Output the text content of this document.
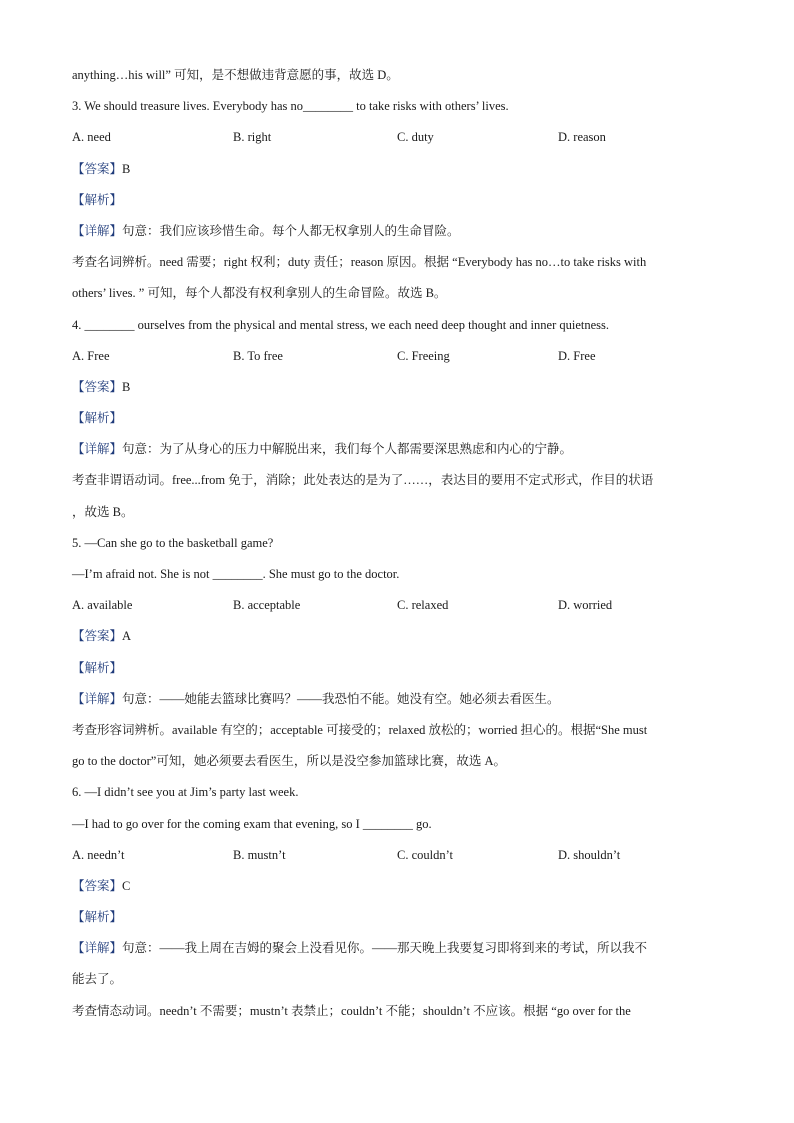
anything…his will” 可知，是不想做违背意愿的事，故选 D。
3. We should treasure lives. Everybody has no________ to take risks with others’ lives.
A. need	B. right	C. duty	D. reason
【答案】B
【解析】
【详解】句意：我们应该珍惜生命。每个人都无权拿别人的生命冒险。
考查名词辨析。need 需要；right 权利；duty 责任；reason 原因。根据 “Everybody has no…to take risks with
others’ lives. ” 可知，每个人都没有权利拿别人的生命冒险。故选 B。
4. ________ ourselves from the physical and mental stress, we each need deep thought and inner quietness.
A. Free	B. To free	C. Freeing	D. Free
【答案】B
【解析】
【详解】句意：为了从身心的压力中解脱出来，我们每个人都需要深思熟虑和内心的宁静。
考查非谓语动词。free...from 免于，消除；此处表达的是为了……，表达目的要用不定式形式，作目的状语
，故选 B。
5. —Can she go to the basketball game?
—I’m afraid not. She is not ________. She must go to the doctor.
A. available	B. acceptable	C. relaxed	D. worried
【答案】A
【解析】
【详解】句意：——她能去篮球比赛吗？——我恐怕不能。她没有空。她必须去看医生。
考查形容词辨析。available 有空的；acceptable 可接受的；relaxed 放松的；worried 担心的。根据“She must
go to the doctor”可知，她必须要去看医生，所以是没空参加篮球比赛，故选 A。
6. —I didn’t see you at Jim’s party last week.
—I had to go over for the coming exam that evening, so I ________ go.
A. needn’t	B. mustn’t	C. couldn’t	D. shouldn’t
【答案】C
【解析】
【详解】句意：——我上周在吉姆的聚会上没看见你。——那天晚上我要复习即将到来的考试，所以我不
能去了。
考查情态动词。needn’t 不需要；mustn’t 表禁止；couldn’t 不能；shouldn’t 不应该。根据 “go over for the
